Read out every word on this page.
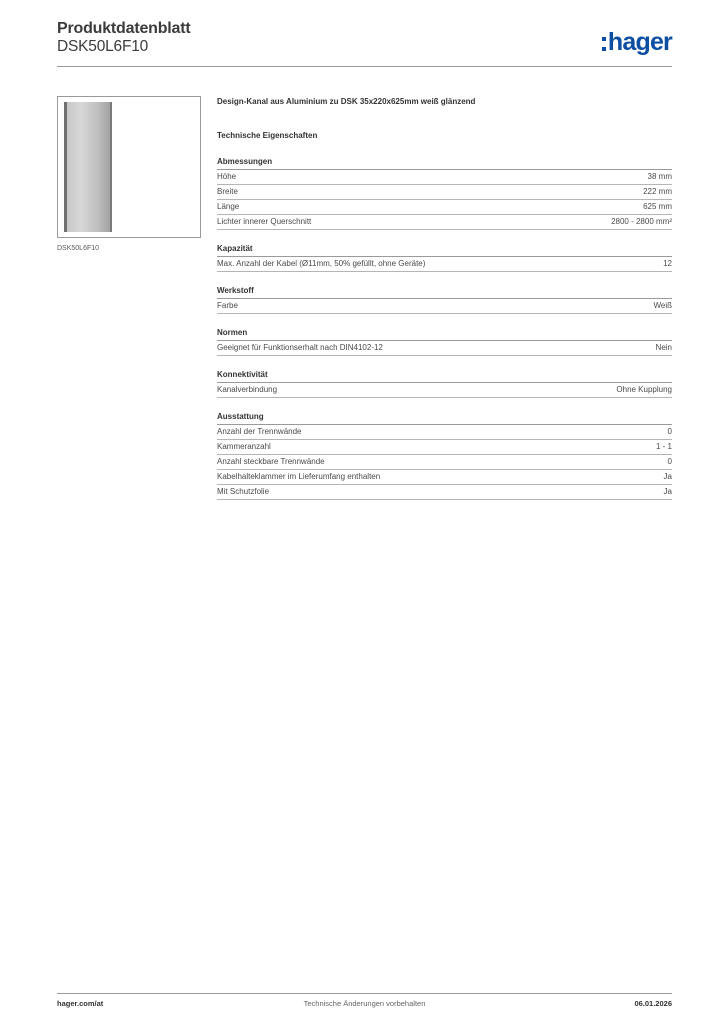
Produktdatenblatt
DSK50L6F10	hager
DSK50L6F10
Design-Kanal aus Aluminium zu DSK 35x220x625mm weiß glänzend
Technische Eigenschaften
Abmessungen
Höhe	38 mm
Breite	222 mm
Länge	625 mm
Lichter innerer Querschnitt	2800 - 2800 mm²
Kapazität
Max. Anzahl der Kabel (Ø11mm, 50% gefüllt, ohne Geräte)	12
Werkstoff
Farbe	Weiß
Normen
Geeignet für Funktionserhalt nach DIN4102-12	Nein
Konnektivität
Kanalverbindung	Ohne Kupplung
Ausstattung
Anzahl der Trennwände	0
Kammeranzahl	1 - 1
Anzahl steckbare Trennwände	0
Kabelhalteklammer im Lieferumfang enthalten	Ja
Mit Schutzfolie	Ja
hager.com/at	Technische Änderungen vorbehalten	06.01.2026
